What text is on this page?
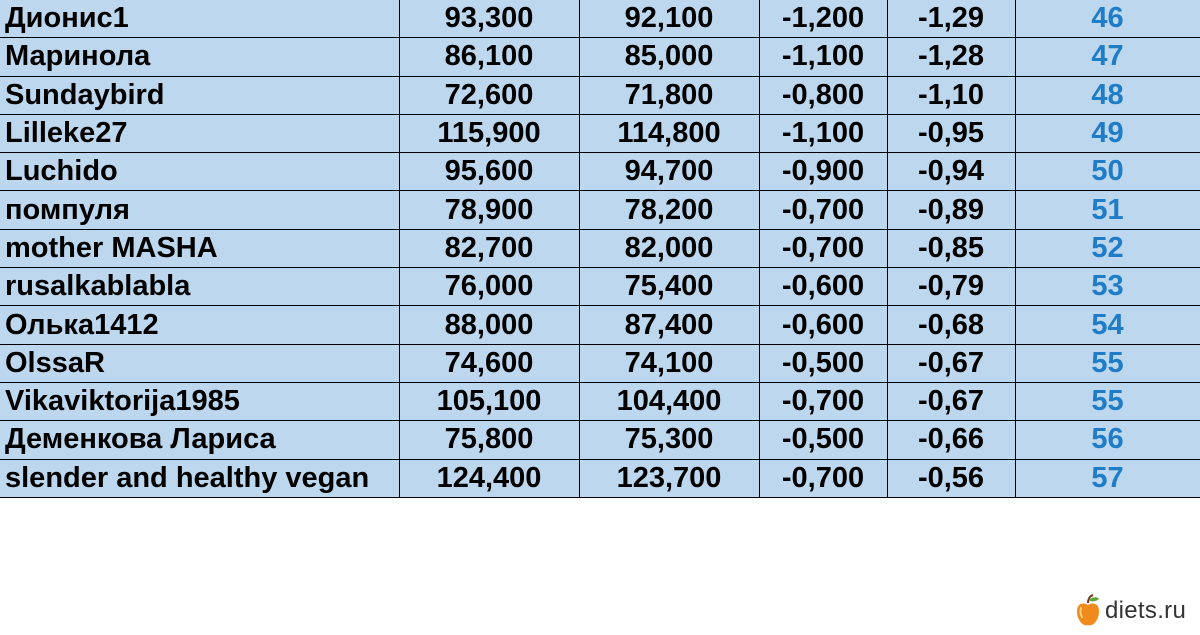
Дионис1	93,300	92,100	-1,200	-1,29	46
Маринола	86,100	85,000	-1,100	-1,28	47
Sundaybird	72,600	71,800	-0,800	-1,10	48
Lilleke27	115,900	114,800	-1,100	-0,95	49
Luchido	95,600	94,700	-0,900	-0,94	50
помпуля	78,900	78,200	-0,700	-0,89	51
mother MASHA	82,700	82,000	-0,700	-0,85	52
rusalkablabla	76,000	75,400	-0,600	-0,79	53
Олька1412	88,000	87,400	-0,600	-0,68	54
OlssaR	74,600	74,100	-0,500	-0,67	55
Vikaviktorija1985	105,100	104,400	-0,700	-0,67	55
Деменкова Лариса	75,800	75,300	-0,500	-0,66	56
slender and healthy vegan	124,400	123,700	-0,700	-0,56	57
diets.ru
